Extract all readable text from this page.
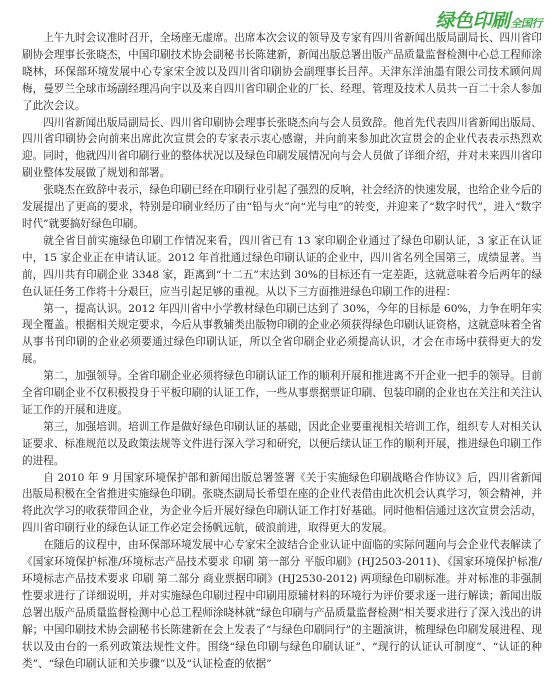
绿色印刷全国行

上午九时会议准时召开，全场座无虚席。出席本次会议的领导及专家有四川省新闻出版局副局长、四川省印刷协会理事长张晓杰，中国印刷技术协会副秘书长陈建新，新闻出版总署出版产品质量监督检测中心总工程师涂晓林，环保部环境发展中心专家宋全波以及四川省印刷协会副理事长吕萍。天津东洋油墨有限公司技术顾问周梅，曼罗兰全球市场副经理冯向宇以及来自四川省印刷企业的厂长、经理、管理及技术人员共一百二十余人参加了此次会议。

四川省新闻出版局副局长、四川省印刷协会理事长张晓杰向与会人员致辞。他首先代表四川省新闻出版局、四川省印刷协会向前来出席此次宣贯会的专家表示衷心感谢，并向前来参加此次宣贯会的企业代表表示热烈欢迎。同时，他就四川省印刷行业的整体状况以及绿色印刷发展情况向与会人员做了详细介绍，并对未来四川省印刷业整体发展做了规划和部署。

张晓杰在致辞中表示，绿色印刷已经在印刷行业引起了强烈的反响，社会经济的快速发展，也给企业今后的发展提出了更高的要求，特别是印刷业经历了由“铅与火”向“光与电”的转变，并迎来了“数字时代”，进入“数字时代”就要搞好绿色印刷。

就全省目前实施绿色印刷工作情况来看，四川省已有 13 家印刷企业通过了绿色印刷认证，3 家正在认证中，15 家企业正在申请认证。2012 年首批通过绿色印刷认证的企业中，四川省名列全国第三，成绩显著。当前，四川共有印刷企业 3348 家，距离到“十二五”末达到 30%的目标还有一定差距，这就意味着今后两年的绿色认证任务工作将十分艰巨，应当引起足够的重视。从以下三方面推进绿色印刷工作的进程：

第一，提高认识。2012 年四川省中小学教材绿色印刷已达到了 30%，今年的目标是 60%，力争在明年实现全覆盖。根据相关规定要求，今后从事教辅类出版物印刷的企业必须获得绿色印刷认证资格，这就意味着全省从事书刊印刷的企业必须要通过绿色印刷认证，所以全省印刷企业必须提高认识，才会在市场中获得更大的发展。

第二，加强领导。全省印刷企业必须将绿色印刷认证工作的顺利开展和推进离不开企业一把手的领导。目前全省印刷企业不仅积极投身于平板印刷的认证工作，一些从事票据票证印刷、包装印刷的企业也在关注和关注认证工作的开展和进度。

第三，加强培训。培训工作是做好绿色印刷认证的基础，因此企业要重视相关培训工作，组织专人对相关认证要求、标准规范以及政策法规等文件进行深入学习和研究，以便后续认证工作的顺利开展，推进绿色印刷工作的进程。

自 2010 年 9 月国家环境保护部和新闻出版总署签署《关于实施绿色印刷战略合作协议》后，四川省新闻出版局积极在全省推进实施绿色印刷。张晓杰副局长希望在座的企业代表借由此次机会认真学习，领会精神，并将此次学习的收获带回企业，为企业今后开展好绿色印刷认证工作打好基础。同时他相信通过这次宣贯会活动，四川省印刷行业的绿色认证工作必定会扬帆远航，破浪前进，取得更大的发展。

在随后的议程中，由环保部环境发展中心专家宋全波结合企业认证中面临的实际问题向与会企业代表解读了《国家环境保护标准/环境标志产品技术要求 印刷 第一部分 平版印刷》(HJ2503-2011)、《国家环境保护标准/环境标志产品技术要求 印刷 第二部分 商业票据印刷》(HJ2530-2012) 两项绿色印刷标准。并对标准的非强制性要求进行了详细说明，并对实施绿色印刷过程中印刷用原辅材料的环境行为评价要求逐一进行解读；新闻出版总署出版产品质量监督检测中心总工程师涂晓林就“绿色印刷与产品质量监督检测”相关要求进行了深入浅出的讲解；中国印刷技术协会副秘书长陈建新在会上发表了“与绿色印刷同行”的主题演讲，梳理绿色印刷发展进程、现状以及由台的一系列政策法规性文件。围绕“绿色印刷与绿色印刷认证”、“现行的认证认可制度”、“认证的种类”、“绿色印刷认证和关步骤”以及“认证检查的依据”
